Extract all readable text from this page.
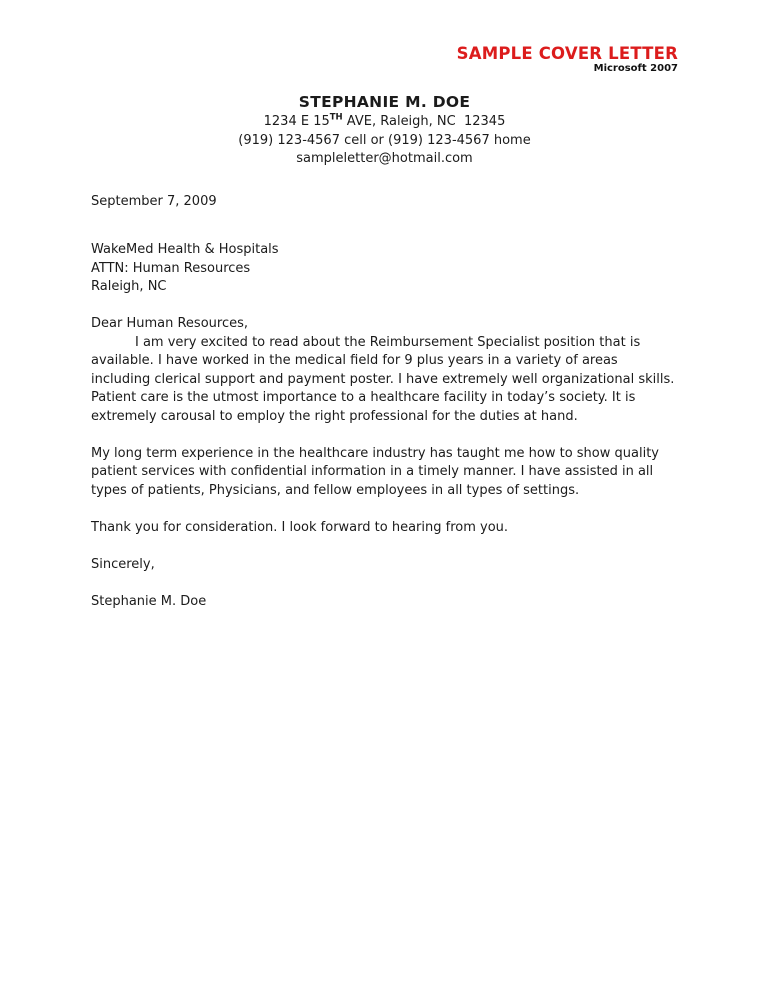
SAMPLE COVER LETTER
Microsoft 2007
STEPHANIE M. DOE
1234 E 15TH AVE, Raleigh, NC  12345
(919) 123-4567 cell or (919) 123-4567 home
sampleletter@hotmail.com
September 7, 2009
WakeMed Health & Hospitals
ATTN: Human Resources
Raleigh, NC
Dear Human Resources,

I am very excited to read about the Reimbursement Specialist position that is available. I have worked in the medical field for 9 plus years in a variety of areas including clerical support and payment poster. I have extremely well organizational skills. Patient care is the utmost importance to a healthcare facility in today’s society. It is extremely carousal to employ the right professional for the duties at hand.

My long term experience in the healthcare industry has taught me how to show quality patient services with confidential information in a timely manner. I have assisted in all types of patients, Physicians, and fellow employees in all types of settings.

Thank you for consideration. I look forward to hearing from you.

Sincerely,
Stephanie M. Doe
